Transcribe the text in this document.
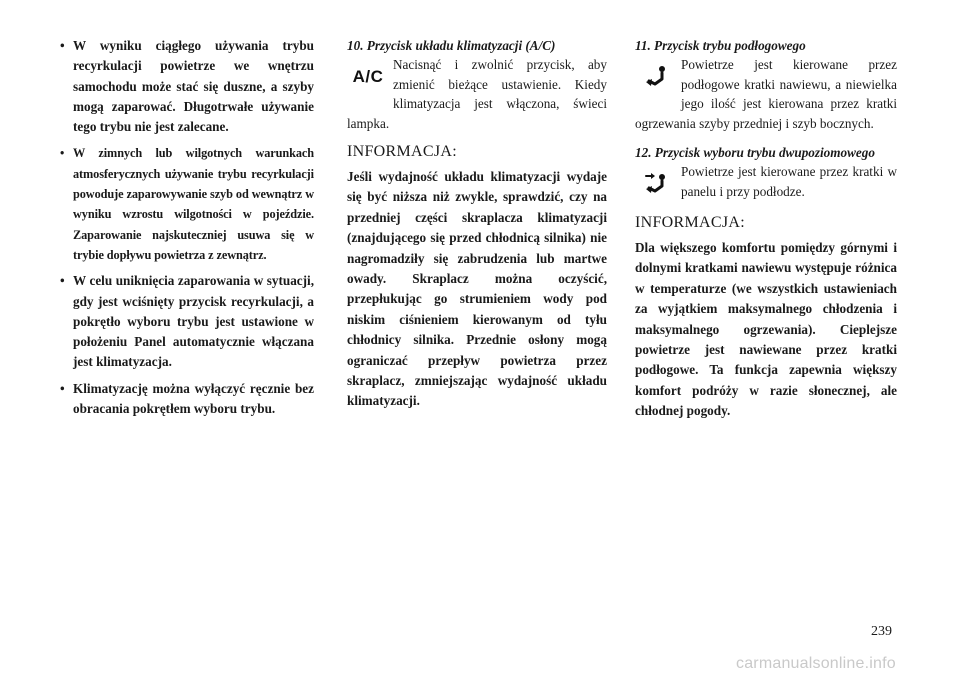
• W wyniku ciągłego używania trybu recyrkulacji powietrze we wnętrzu samochodu może stać się duszne, a szyby mogą zaparować. Długotrwałe używanie tego trybu nie jest zalecane.
• W zimnych lub wilgotnych warunkach atmosferycznych używanie trybu recyrkulacji powoduje zaparowywanie szyb od wewnątrz w wyniku wzrostu wilgotności w pojeździe. Zaparowanie najskuteczniej usuwa się w trybie dopływu powietrza z zewnątrz.
• W celu uniknięcia zaparowania w sytuacji, gdy jest wciśnięty przycisk recyrkulacji, a pokrętło wyboru trybu jest ustawione w położeniu Panel automatycznie włączana jest klimatyzacja.
• Klimatyzację można wyłączyć ręcznie bez obracania pokrętłem wyboru trybu.

10. Przycisk układu klimatyzacji (A/C)

A/C

Nacisnąć i zwolnić przycisk, aby zmienić bieżące ustawienie. Kiedy klimatyzacja jest włączona, świeci lampka.

INFORMACJA:

Jeśli wydajność układu klimatyzacji wydaje się być niższa niż zwykle, sprawdzić, czy na przedniej części skraplacza klimatyzacji (znajdującego się przed chłodnicą silnika) nie nagromadziły się zabrudzenia lub martwe owady. Skraplacz można oczyścić, przepłukując go strumieniem wody pod niskim ciśnieniem kierowanym od tyłu chłodnicy silnika. Przednie osłony mogą ograniczać przepływ powietrza przez skraplacz, zmniejszając wydajność układu klimatyzacji.

11. Przycisk trybu podłogowego

Powietrze jest kierowane przez podłogowe kratki nawiewu, a niewielka jego ilość jest kierowana przez kratki ogrzewania szyby przedniej i szyb bocznych.

12. Przycisk wyboru trybu dwupoziomowego

Powietrze jest kierowane przez kratki w panelu i przy podłodze.

INFORMACJA:

Dla większego komfortu pomiędzy górnymi i dolnymi kratkami nawiewu występuje różnica w temperaturze (we wszystkich ustawieniach za wyjątkiem maksymalnego chłodzenia i maksymalnego ogrzewania). Cieplejsze powietrze jest nawiewane przez kratki podłogowe. Ta funkcja zapewnia większy komfort podróży w razie słonecznej, ale chłodnej pogody.

239
carmanualsonline.info
